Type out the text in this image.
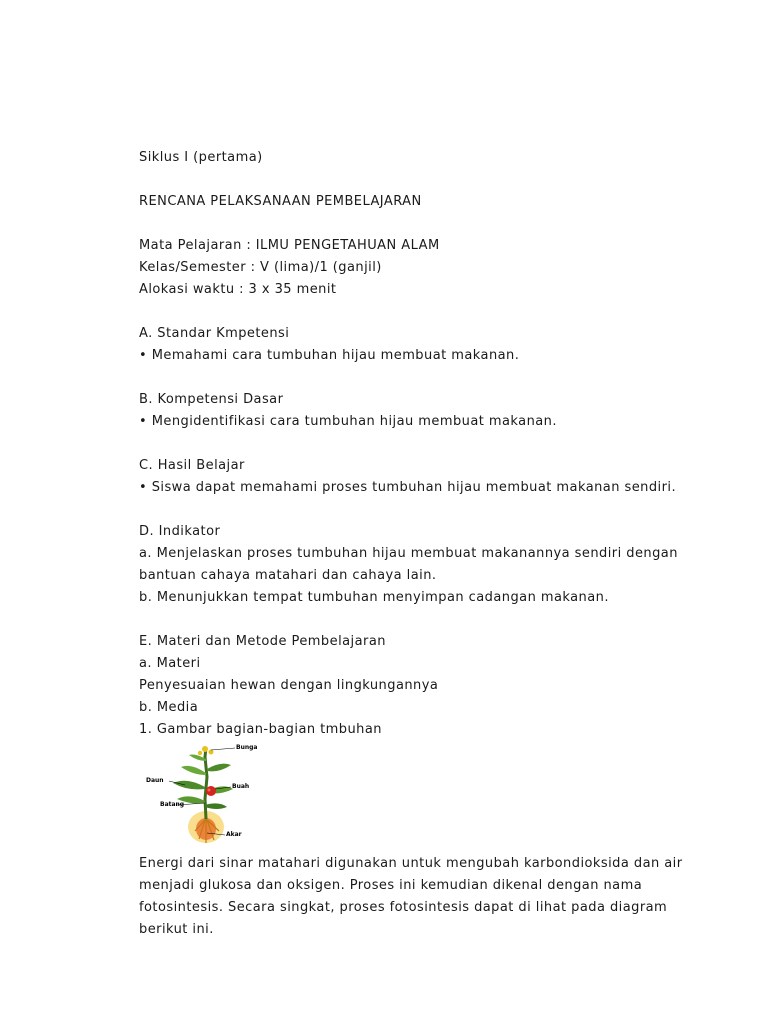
Siklus I (pertama)
RENCANA PELAKSANAAN PEMBELAJARAN
Mata Pelajaran : ILMU PENGETAHUAN ALAM
Kelas/Semester : V (lima)/1 (ganjil)
Alokasi waktu : 3 x 35 menit
A. Standar Kmpetensi
• Memahami cara tumbuhan hijau membuat makanan.
B. Kompetensi Dasar
• Mengidentifikasi cara tumbuhan hijau membuat makanan.
C. Hasil Belajar
• Siswa dapat memahami proses tumbuhan hijau membuat makanan sendiri.
D. Indikator
a. Menjelaskan proses tumbuhan hijau membuat makanannya sendiri dengan
bantuan cahaya matahari dan cahaya lain.
b. Menunjukkan tempat tumbuhan menyimpan cadangan makanan.
E. Materi dan Metode Pembelajaran
a. Materi
Penyesuaian hewan dengan lingkungannya
b. Media
1. Gambar bagian-bagian tmbuhan
Bunga
Daun
Buah
Batang
Akar
Energi dari sinar matahari digunakan untuk mengubah karbondioksida dan air
menjadi glukosa dan oksigen. Proses ini kemudian dikenal dengan nama
fotosintesis. Secara singkat, proses fotosintesis dapat di lihat pada diagram
berikut ini.
